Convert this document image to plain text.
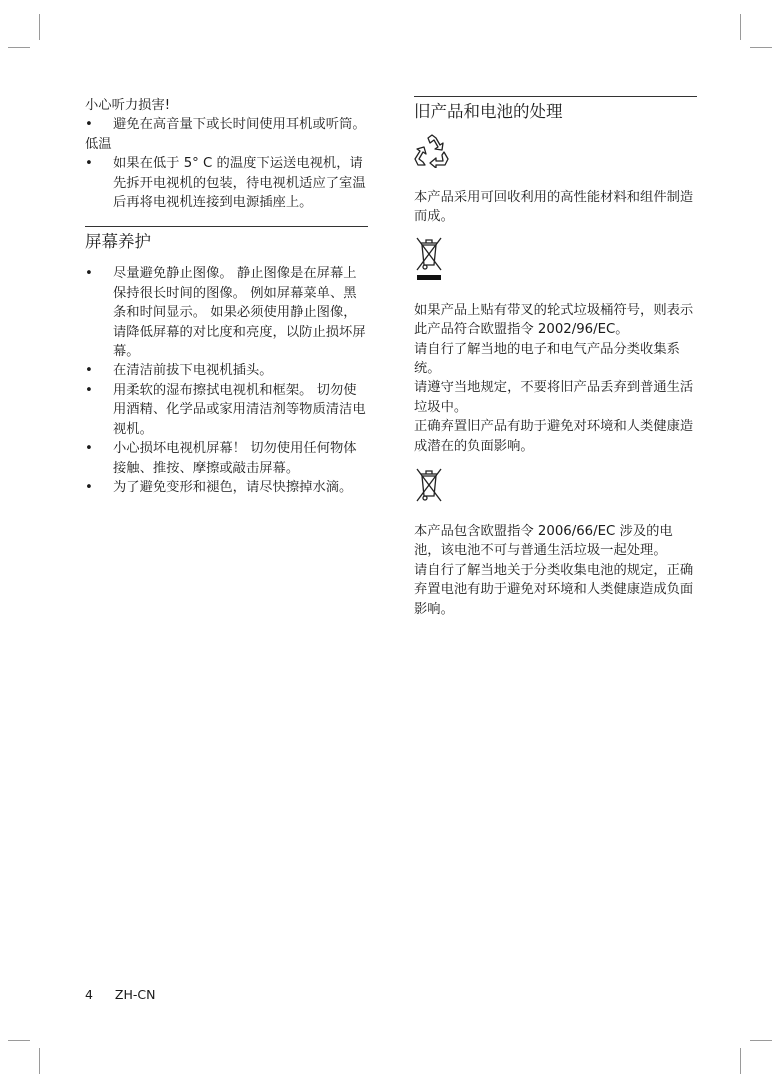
小心听力损害!

• 避免在高音量下或长时间使用耳机或听筒。

低温

• 如果在低于 5° C 的温度下运送电视机，请先拆开电视机的包装，待电视机适应了室温后再将电视机连接到电源插座上。
屏幕养护
• 尽量避免静止图像。 静止图像是在屏幕上保持很长时间的图像。 例如屏幕菜单、黑条和时间显示。 如果必须使用静止图像，请降低屏幕的对比度和亮度，以防止损坏屏幕。
• 在清洁前拔下电视机插头。
• 用柔软的湿布擦拭电视机和框架。 切勿使用酒精、化学品或家用清洁剂等物质清洁电视机。
• 小心损坏电视机屏幕！ 切勿使用任何物体接触、推按、摩擦或敲击屏幕。
• 为了避免变形和褪色，请尽快擦掉水滴。
旧产品和电池的处理

本产品采用可回收利用的高性能材料和组件制造而成。

如果产品上贴有带叉的轮式垃圾桶符号，则表示此产品符合欧盟指令 2002/96/EC。

请自行了解当地的电子和电气产品分类收集系统。

请遵守当地规定，不要将旧产品丢弃到普通生活垃圾中。

正确弃置旧产品有助于避免对环境和人类健康造成潜在的负面影响。

本产品包含欧盟指令 2006/66/EC 涉及的电池，该电池不可与普通生活垃圾一起处理。

请自行了解当地关于分类收集电池的规定，正确弃置电池有助于避免对环境和人类健康造成负面影响。

4 ZH-CN
